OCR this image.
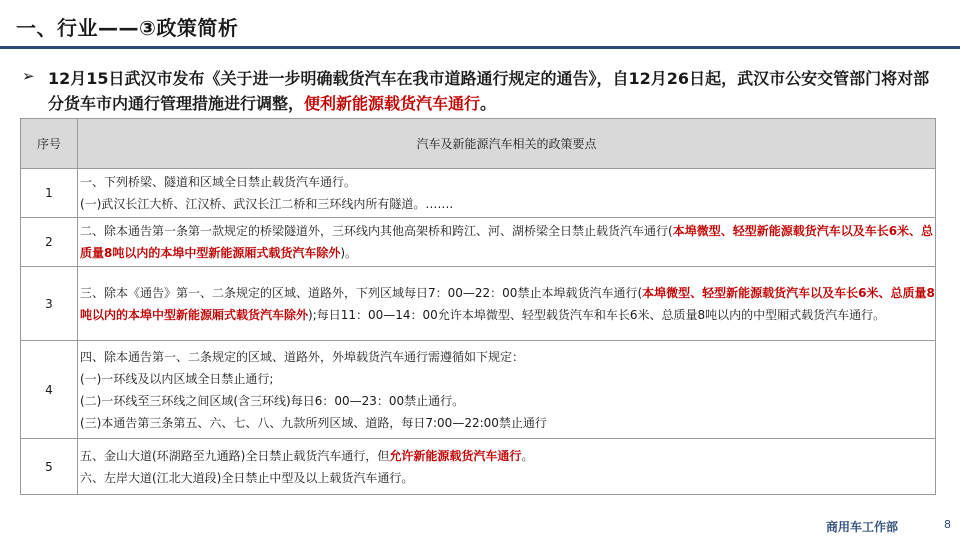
一、行业——③政策简析
➢ 12月15日武汉市发布《关于进一步明确载货汽车在我市道路通行规定的通告》，自12月26日起，武汉市公安交管部门将对部分货车市内通行管理措施进行调整，便利新能源载货汽车通行。
序号	汽车及新能源汽车相关的政策要点
1	一、下列桥梁、隧道和区域全日禁止载货汽车通行。
(一)武汉长江大桥、江汉桥、武汉长江二桥和三环线内所有隧道。…….

2	二、除本通告第一条第一款规定的桥梁隧道外，三环线内其他高架桥和跨江、河、湖桥梁全日禁止载货汽车通行(本埠微型、轻型新能源载货汽车以及车长6米、总质量8吨以内的本埠中型新能源厢式载货汽车除外)。

3	三、除本《通告》第一、二条规定的区域、道路外，下列区域每日7：00—22：00禁止本埠载货汽车通行(本埠微型、轻型新能源载货汽车以及车长6米、总质量8吨以内的本埠中型新能源厢式载货汽车除外);每日11：00—14：00允许本埠微型、轻型载货汽车和车长6米、总质量8吨以内的中型厢式载货汽车通行。

4	四、除本通告第一、二条规定的区域、道路外，外埠载货汽车通行需遵循如下规定：
(一)一环线及以内区域全日禁止通行;
(二)一环线至三环线之间区域(含三环线)每日6：00—23：00禁止通行。
(三)本通告第三条第五、六、七、八、九款所列区域、道路，每日7:00—22:00禁止通行

5	五、金山大道(环湖路至九通路)全日禁止载货汽车通行，但允许新能源载货汽车通行。
六、左岸大道(江北大道段)全日禁止中型及以上载货汽车通行。
商用车工作部	8
